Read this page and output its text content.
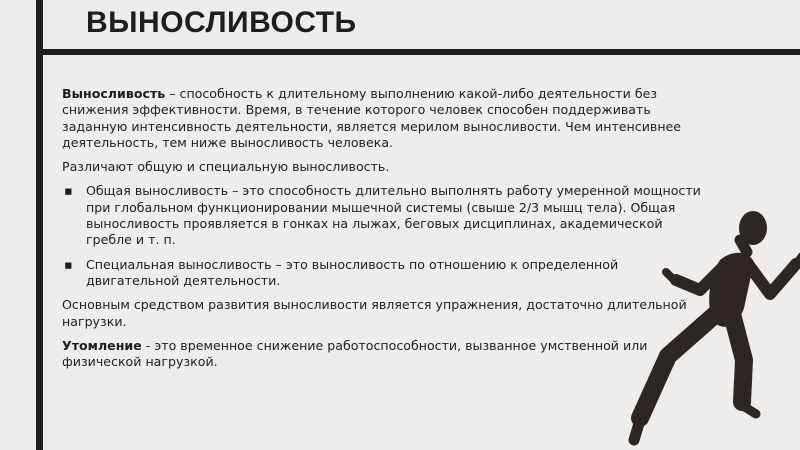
ВЫНОСЛИВОСТЬ

Выносливость – способность к длительному выполнению какой-либо деятельности без снижения эффективности. Время, в течение которого человек способен поддерживать заданную интенсивность деятельности, является мерилом выносливости. Чем интенсивнее деятельность, тем ниже выносливость человека.

Различают общую и специальную выносливость.

▪ Общая выносливость – это способность длительно выполнять работу умеренной мощности при глобальном функционировании мышечной системы (свыше 2/3 мышц тела). Общая выносливость проявляется в гонках на лыжах, беговых дисциплинах, академической гребле и т. п.
▪ Специальная выносливость – это выносливость по отношению к определенной двигательной деятельности.

Основным средством развития выносливости является упражнения, достаточно длительной нагрузки.

Утомление - это временное снижение работоспособности, вызванное умственной или физической нагрузкой.
